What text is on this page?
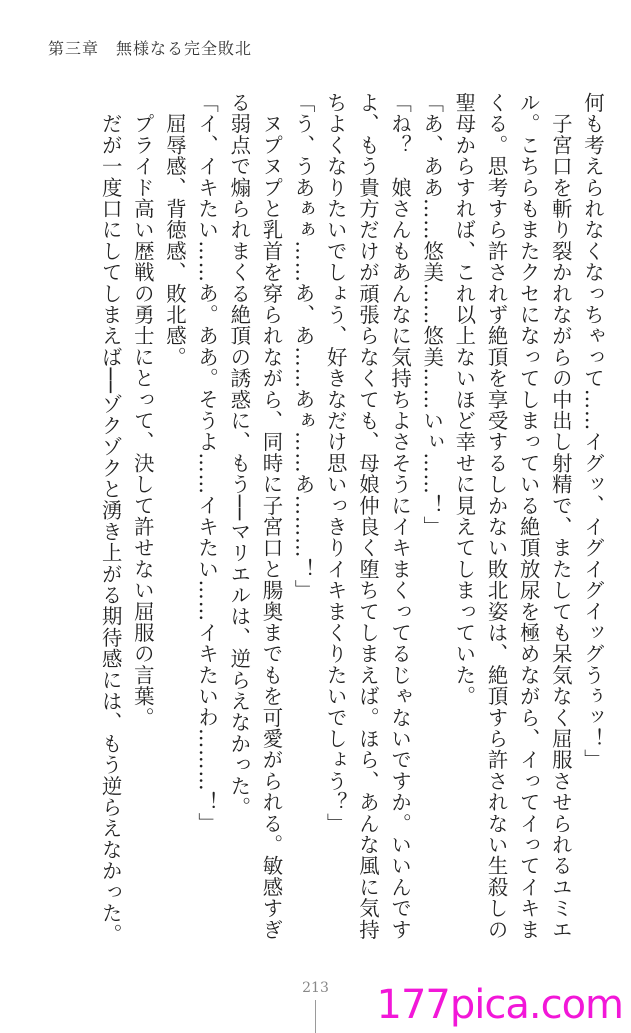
第三章　無様なる完全敗北
何も考えられなくなっちゃって……イグッ、イグイグイッグうぅッ！」
　子宮口を斬り裂かれながらの中出し射精で、またしても呆気なく屈服させられるユミエ
ル。こちらもまたクセになってしまっている絶頂放尿を極めながら、イってイってイキま
くる。思考すら許されず絶頂を享受するしかない敗北姿は、絶頂すら許されない生殺しの
聖母からすれば、これ以上ないほど幸せに見えてしまっていた。
「あ、ああ……悠美……悠美……いぃ……！」
「ね？　娘さんもあんなに気持ちよさそうにイキまくってるじゃないですか。いいんです
よ、もう貴方だけが頑張らなくても、母娘仲良く堕ちてしまえば。ほら、あんな風に気持
ちよくなりたいでしょう、好きなだけ思いっきりイキまくりたいでしょう？」
「う、うあぁぁ……あ、あ……あぁ……あ………！」
　ヌプヌプと乳首を穿られながら、同時に子宮口と腸奥までもを可愛がられる。敏感すぎ
る弱点で煽られまくる絶頂の誘惑に、もう──マリエルは、逆らえなかった。
「イ、イキたい……あ。ああ。そうよ……イキたい……イキたいわ………！」
　屈辱感、背徳感、敗北感。
　プライド高い歴戦の勇士にとって、決して許せない屈服の言葉。
　だが一度口にしてしまえば──ゾクゾクと湧き上がる期待感には、もう逆らえなかった。
213	177pica.com
